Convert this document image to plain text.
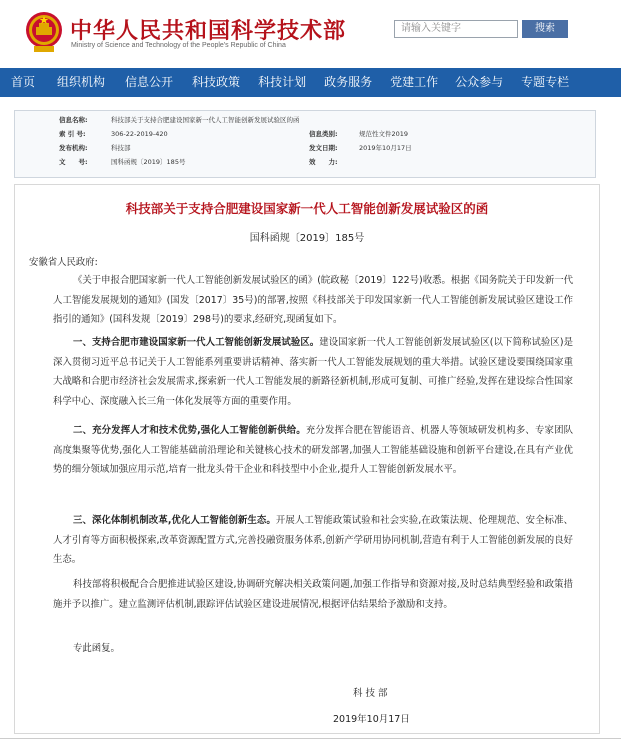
中华人民共和国科学技术部
Ministry of Science and Technology of the People's Republic of China
请输入关键字	搜索
首页 组织机构 信息公开 科技政策 科技计划 政务服务 党建工作 公众参与 专题专栏
信息名称:	科技部关于支持合肥建设国家新一代人工智能创新发展试验区的函
索 引 号:	306-22-2019-420	信息类别:	规范性文件2019
发布机构:	科技部	发文日期:	2019年10月17日
文　　号:	国科函规〔2019〕185号	效　　力:
科技部关于支持合肥建设国家新一代人工智能创新发展试验区的函
国科函规〔2019〕185号
安徽省人民政府:
《关于申报合肥国家新一代人工智能创新发展试验区的函》(皖政秘〔2019〕122号)收悉。根据《国务院关于印发新一代人工智能发展规划的通知》(国发〔2017〕35号)的部署,按照《科技部关于印发国家新一代人工智能创新发展试验区建设工作指引的通知》(国科发规〔2019〕298号)的要求,经研究,现函复如下。
一、支持合肥市建设国家新一代人工智能创新发展试验区。建设国家新一代人工智能创新发展试验区(以下简称试验区)是深入贯彻习近平总书记关于人工智能系列重要讲话精神、落实新一代人工智能发展规划的重大举措。试验区建设要围绕国家重大战略和合肥市经济社会发展需求,探索新一代人工智能发展的新路径新机制,形成可复制、可推广经验,发挥在建设综合性国家科学中心、深度融入长三角一体化发展等方面的重要作用。
二、充分发挥人才和技术优势,强化人工智能创新供给。充分发挥合肥在智能语音、机器人等领域研发机构多、专家团队高度集聚等优势,强化人工智能基础前沿理论和关键核心技术的研发部署,加强人工智能基础设施和创新平台建设,在具有产业优势的细分领域加强应用示范,培育一批龙头骨干企业和科技型中小企业,提升人工智能创新发展水平。
三、深化体制机制改革,优化人工智能创新生态。开展人工智能政策试验和社会实验,在政策法规、伦理规范、安全标准、人才引育等方面积极探索,改革资源配置方式,完善投融资服务体系,创新产学研用协同机制,营造有利于人工智能创新发展的良好生态。
科技部将积极配合合肥推进试验区建设,协调研究解决相关政策问题,加强工作指导和资源对接,及时总结典型经验和政策措施并予以推广。建立监测评估机制,跟踪评估试验区建设进展情况,根据评估结果给予激励和支持。
专此函复。
科 技 部
2019年10月17日
